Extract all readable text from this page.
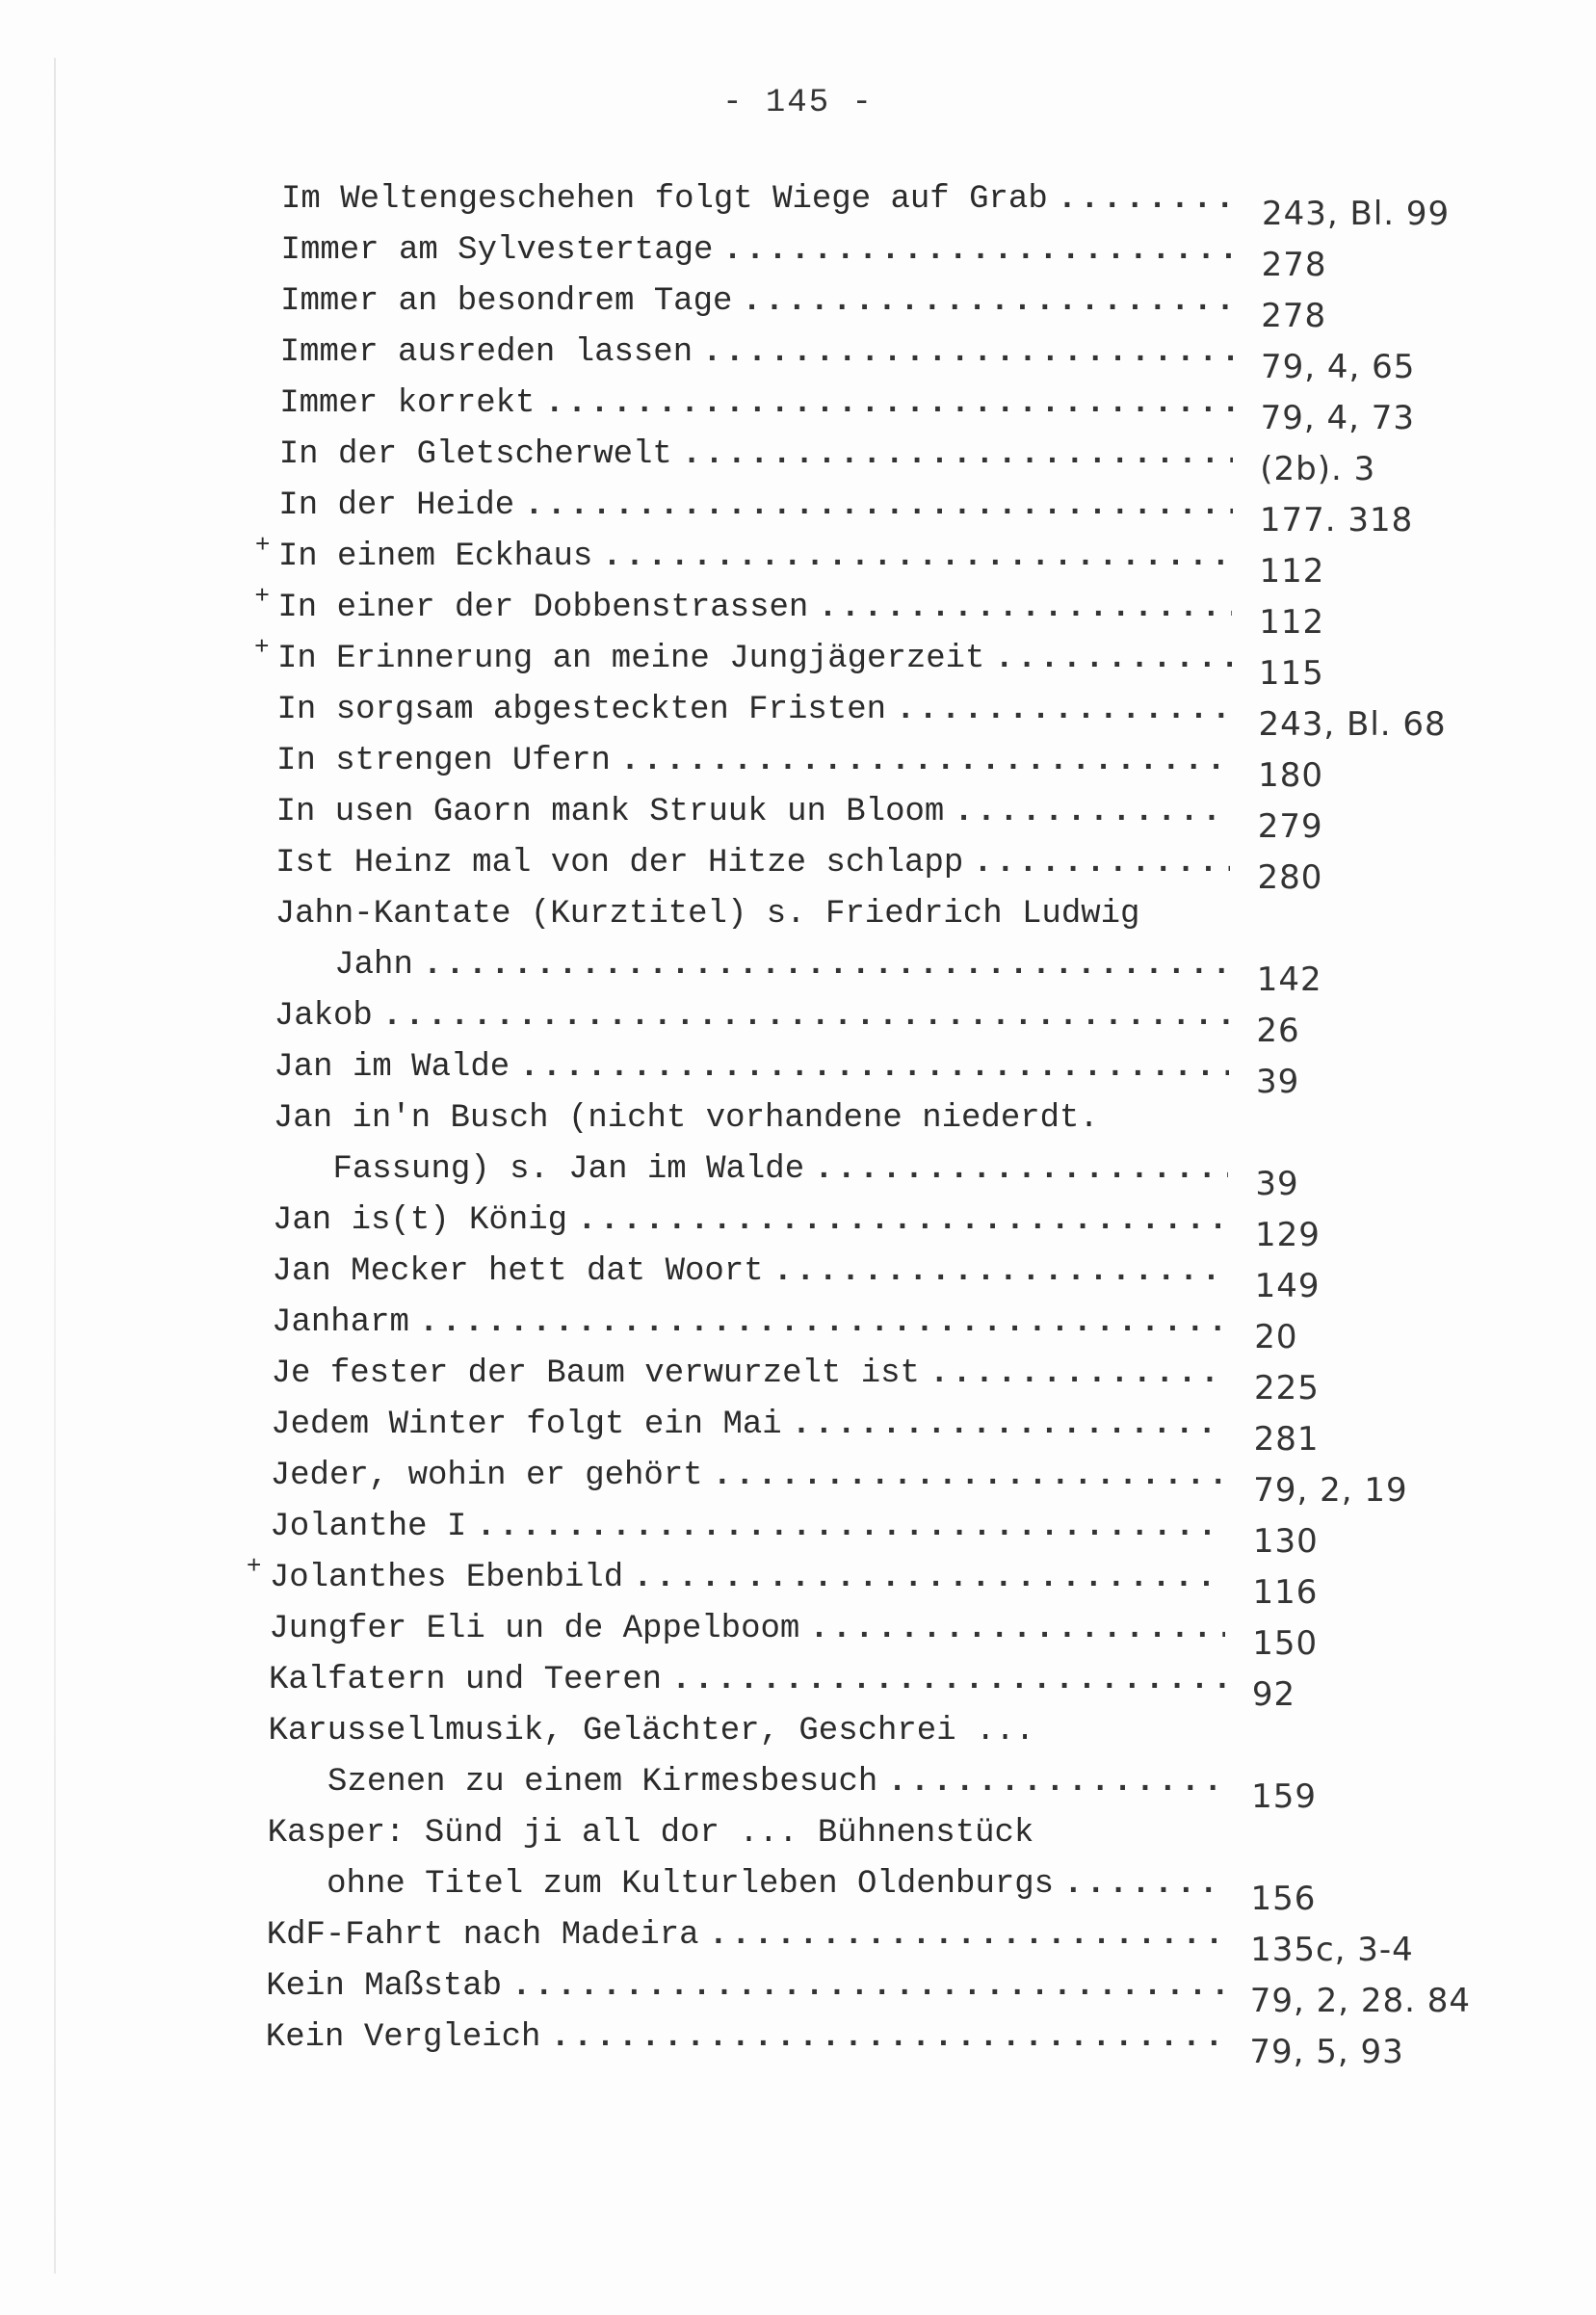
- 145 -
Im Weltengeschehen folgt Wiege auf Grab .....	243, Bl. 99
Immer am Sylvestertage .....	278
Immer an besondrem Tage .....	278
Immer ausreden lassen .....	79, 4, 65
Immer korrekt .....	79, 4, 73
In der Gletscherwelt .....	(2b). 3
In der Heide .....	177. 318
+ In einem Eckhaus .....	112
+ In einer der Dobbenstrassen .....	112
+ In Erinnerung an meine Jungjägerzeit .....	115
In sorgsam abgesteckten Fristen .....	243, Bl. 68
In strengen Ufern .....	180
In usen Gaorn mank Struuk un Bloom .....	279
Ist Heinz mal von der Hitze schlapp .....	280
Jahn-Kantate (Kurztitel) s. Friedrich Ludwig
Jahn .....	142
Jakob .....	26
Jan im Walde .....	39
Jan in'n Busch (nicht vorhandene niederdt.
Fassung) s. Jan im Walde .....	39
Jan is(t) König .....	129
Jan Mecker hett dat Woort .....	149
Janharm .....	20
Je fester der Baum verwurzelt ist .....	225
Jedem Winter folgt ein Mai .....	281
Jeder, wohin er gehört .....	79, 2, 19
Jolanthe I .....	130
+ Jolanthes Ebenbild .....	116
Jungfer Eli un de Appelboom .....	150
Kalfatern und Teeren .....	92
Karussellmusik, Gelächter, Geschrei ...
Szenen zu einem Kirmesbesuch .....	159
Kasper: Sünd ji all dor ... Bühnenstück
ohne Titel zum Kulturleben Oldenburgs .....	156
KdF-Fahrt nach Madeira .....	135c, 3-4
Kein Maßstab .....	79, 2, 28. 84
Kein Vergleich .....	79, 5, 93
